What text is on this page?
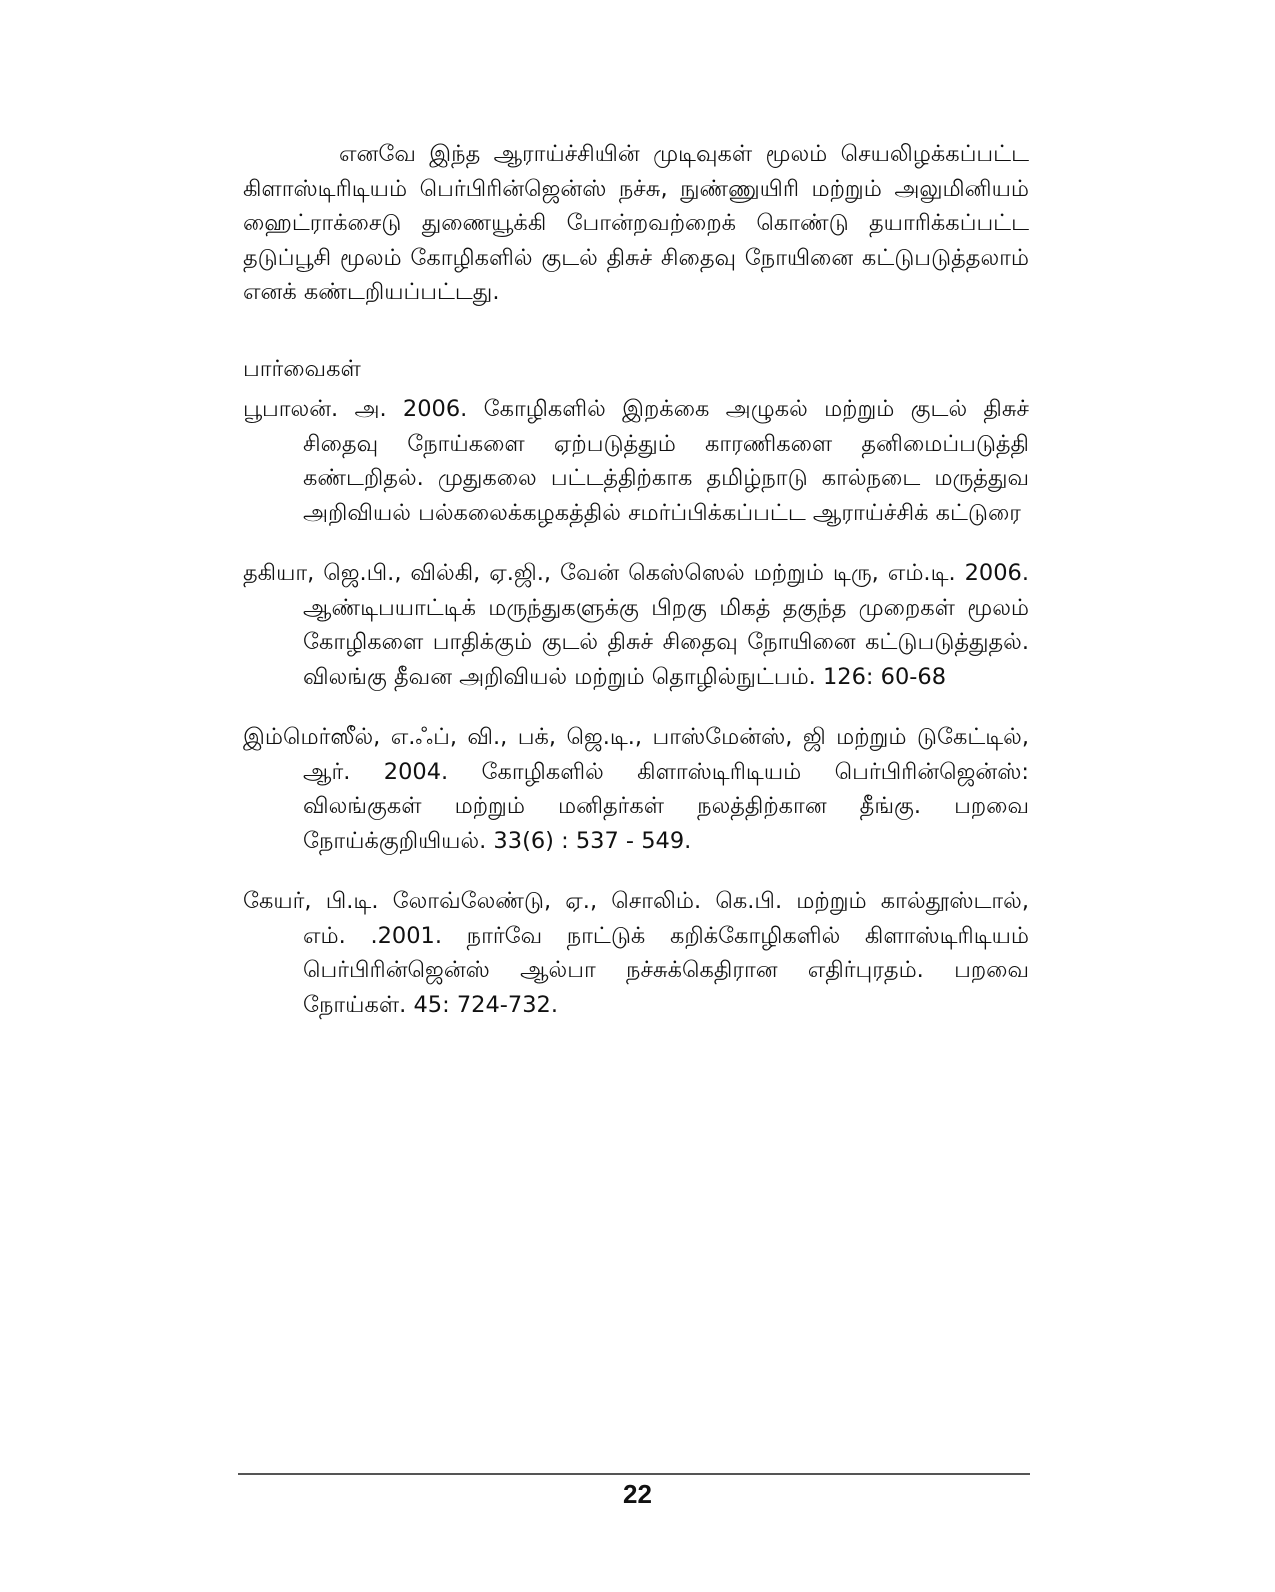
எனவே இந்த ஆராய்ச்சியின் முடிவுகள் மூலம் செயலிழக்கப்பட்ட கிளாஸ்டிரிடியம் பெர்பிரின்ஜென்ஸ் நச்சு, நுண்ணுயிரி மற்றும் அலுமினியம் ஹைட்ராக்சைடு துணையூக்கி போன்றவற்றைக் கொண்டு தயாரிக்கப்பட்ட தடுப்பூசி மூலம் கோழிகளில் குடல் திசுச் சிதைவு நோயினை கட்டுபடுத்தலாம் எனக் கண்டறியப்பட்டது.

பார்வைகள்
பூபாலன். அ. 2006. கோழிகளில் இறக்கை அழுகல் மற்றும் குடல் திசுச் சிதைவு நோய்களை ஏற்படுத்தும் காரணிகளை தனிமைப்படுத்தி கண்டறிதல். முதுகலை பட்டத்திற்காக தமிழ்நாடு கால்நடை மருத்துவ அறிவியல் பல்கலைக்கழகத்தில் சமர்ப்பிக்கப்பட்ட ஆராய்ச்சிக் கட்டுரை
தகியா, ஜெ.பி., வில்கி, ஏ.ஜி., வேன் கெஸ்ஸெல் மற்றும் டிரு, எம்.டி. 2006. ஆண்டிபயாட்டிக் மருந்துகளுக்கு பிறகு மிகத் தகுந்த முறைகள் மூலம் கோழிகளை பாதிக்கும் குடல் திசுச் சிதைவு நோயினை கட்டுபடுத்துதல். விலங்கு தீவன அறிவியல் மற்றும் தொழில்நுட்பம். 126: 60-68
இம்மெர்ஸீல், எ.ஃப், வி., பக், ஜெ.டி., பாஸ்மேன்ஸ், ஜி மற்றும் டுகேட்டில், ஆர். 2004. கோழிகளில் கிளாஸ்டிரிடியம் பெர்பிரின்ஜென்ஸ்: விலங்குகள் மற்றும் மனிதர்கள் நலத்திற்கான தீங்கு. பறவை நோய்க்குறியியல். 33(6) : 537 - 549.
கேயர், பி.டி. லோவ்லேண்டு, ஏ., சொலிம். கெ.பி. மற்றும் கால்தூஸ்டால், எம். .2001. நார்வே நாட்டுக் கறிக்கோழிகளில் கிளாஸ்டிரிடியம் பெர்பிரின்ஜென்ஸ் ஆல்பா நச்சுக்கெதிரான எதிர்புரதம். பறவை நோய்கள். 45: 724-732.
22
